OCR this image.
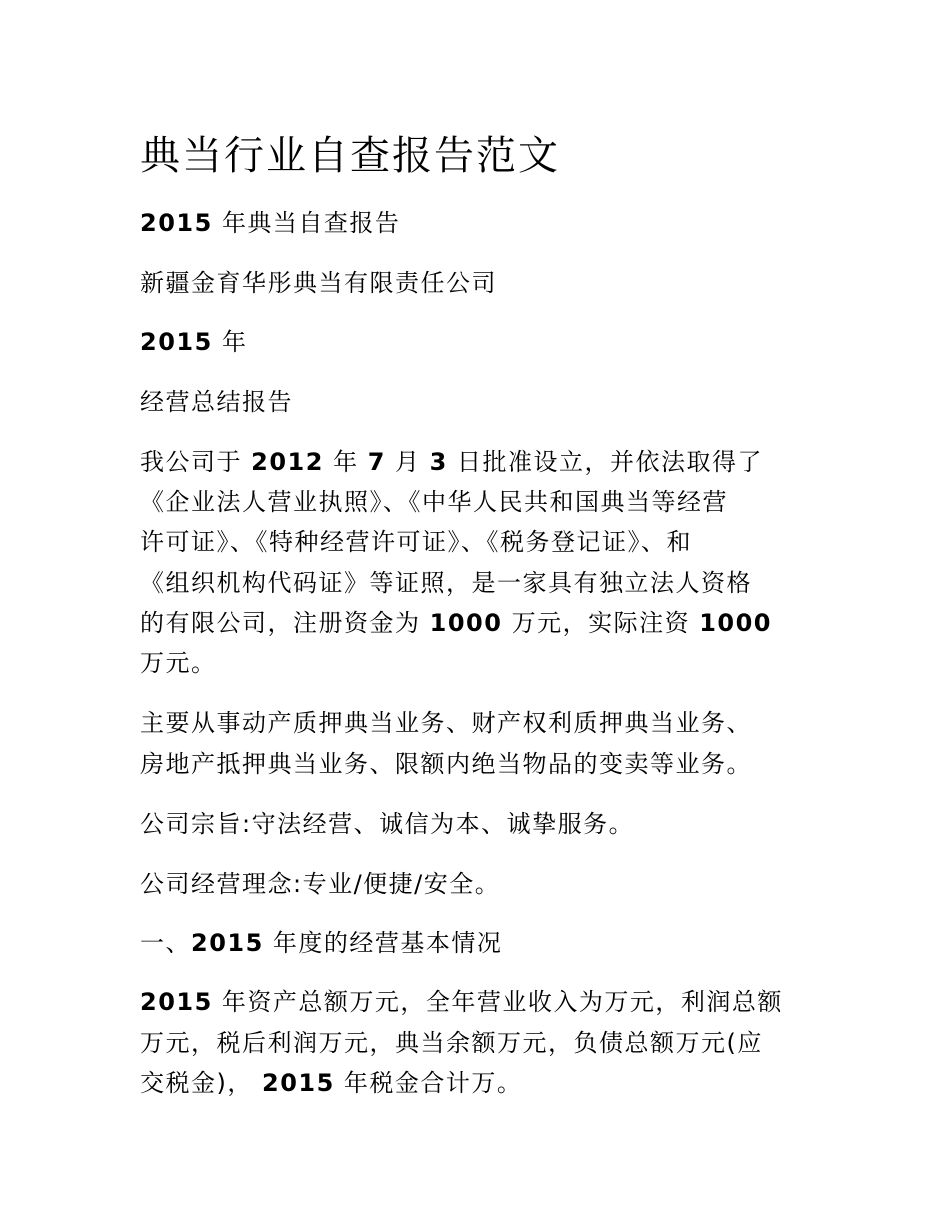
典当行业自查报告范文

2015 年典当自查报告

新疆金育华彤典当有限责任公司

2015 年

经营总结报告

我公司于 2012 年 7 月 3 日批准设立，并依法取得了

《企业法人营业执照》、《中华人民共和国典当等经营

许可证》、《特种经营许可证》、《税务登记证》、和

《组织机构代码证》等证照，是一家具有独立法人资格

的有限公司，注册资金为 1000 万元，实际注资 1000

万元。

主要从事动产质押典当业务、财产权利质押典当业务、

房地产抵押典当业务、限额内绝当物品的变卖等业务。

公司宗旨:守法经营、诚信为本、诚挚服务。

公司经营理念:专业/便捷/安全。

一、2015 年度的经营基本情况

2015 年资产总额万元，全年营业收入为万元，利润总额

万元，税后利润万元，典当余额万元，负债总额万元(应

交税金)， 2015 年税金合计万。
